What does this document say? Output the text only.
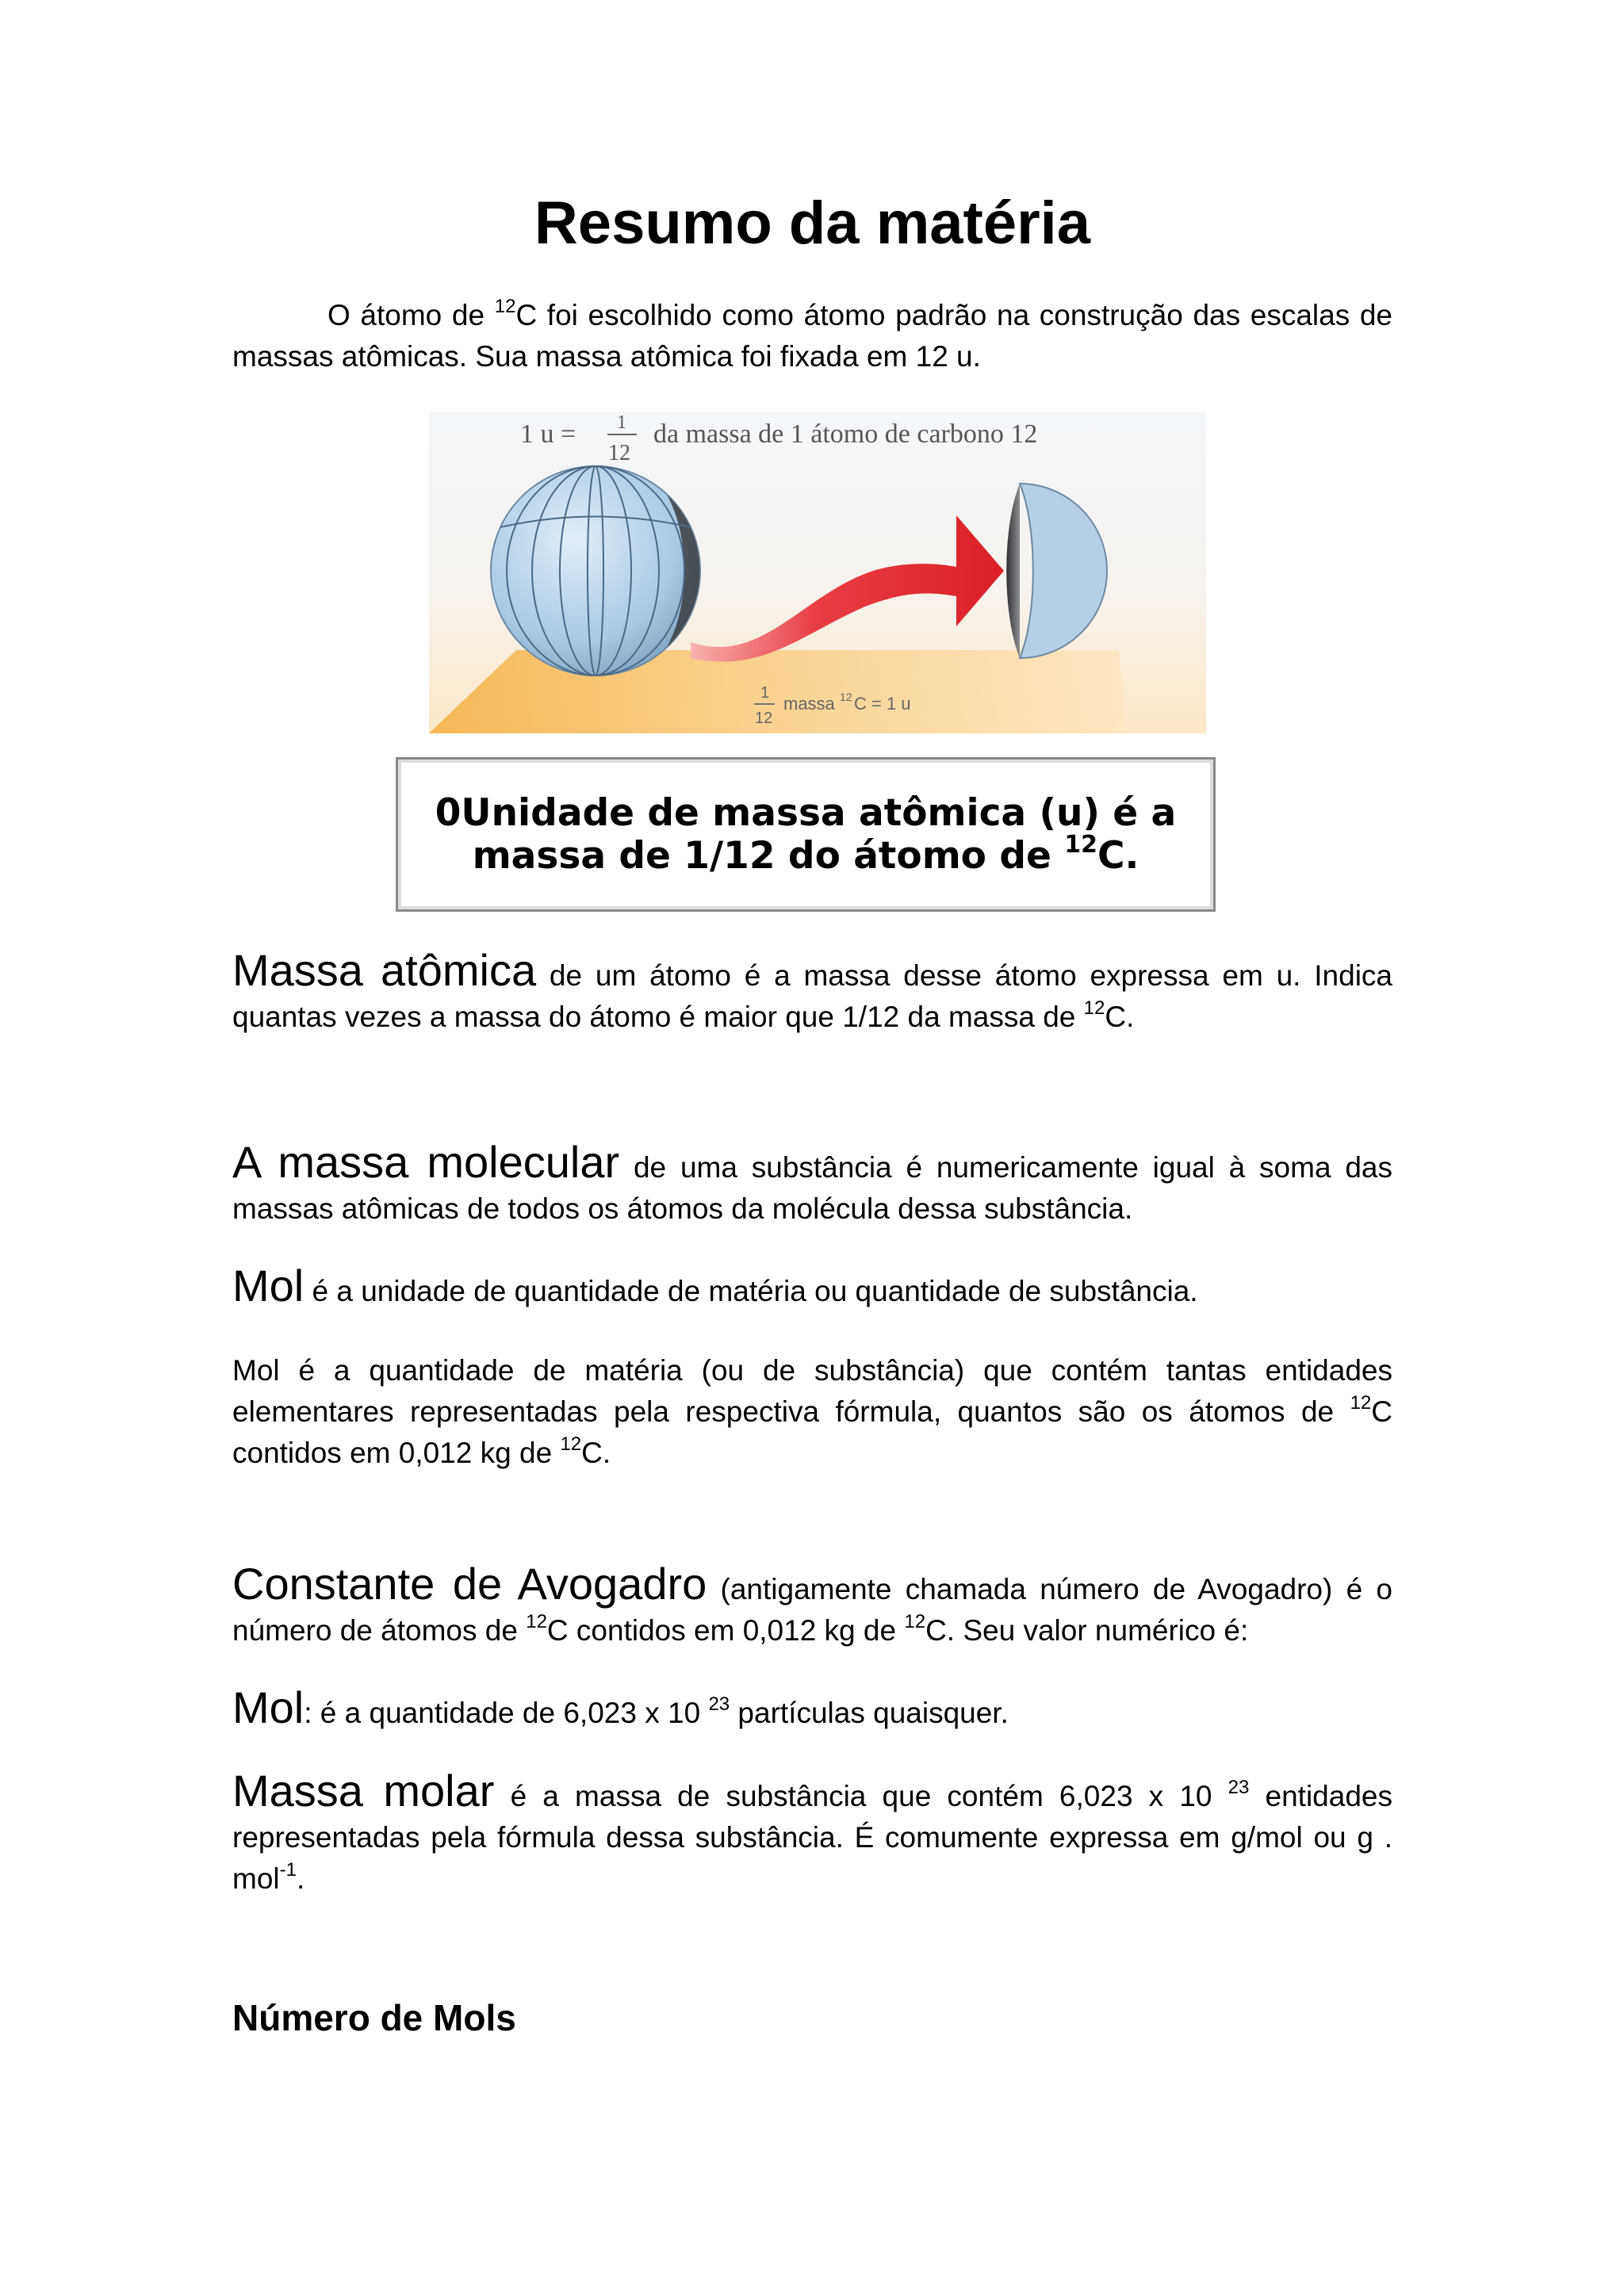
Resumo da matéria

O átomo de $^{12}$C foi escolhido como átomo padrão na construção das escalas de massas atômicas. Sua massa atômica foi fixada em 12 u.

1 u = 1
12
da massa de 1 átomo de carbono 12
1
12
massa 12 C = 1 u
0Unidade de massa atômica (u) é a
massa de 1/12 do átomo de $^{12}$C.

Massa atômica de um átomo é a massa desse átomo expressa em u. Indica quantas vezes a massa do átomo é maior que 1/12 da massa de $^{12}$C.

A massa molecular de uma substância é numericamente igual à soma das massas atômicas de todos os átomos da molécula dessa substância.

Mol é a unidade de quantidade de matéria ou quantidade de substância.

Mol é a quantidade de matéria (ou de substância) que contém tantas entidades elementares representadas pela respectiva fórmula, quantos são os átomos de $^{12}$C contidos em 0,012 kg de $^{12}$C.

Constante de Avogadro (antigamente chamada número de Avogadro) é o número de átomos de $^{12}$C contidos em 0,012 kg de $^{12}$C. Seu valor numérico é:

Mol: é a quantidade de 6,023 x 10 $^{23}$ partículas quaisquer.

Massa molar é a massa de substância que contém 6,023 x 10 $^{23}$ entidades representadas pela fórmula dessa substância. É comumente expressa em g/mol ou g . mol$^{-1}$.

Número de Mols
